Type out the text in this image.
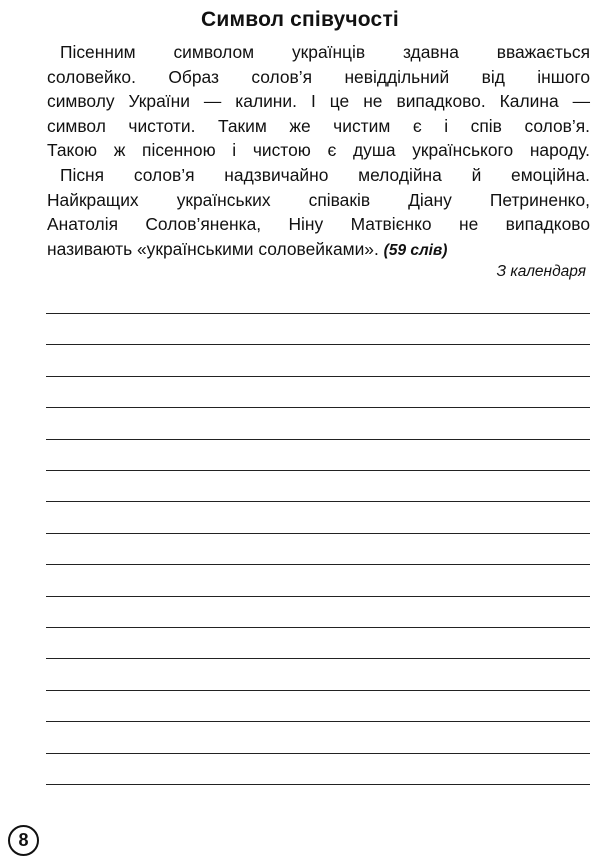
Символ співучості
Пісенним символом українців здавна вважається
соловейко. Образ солов’я невіддільний від іншого
символу України — калини. І це не випадково. Калина —
символ чистоти. Таким же чистим є і спів солов’я.
Такою ж пісенною і чистою є душа українського народу.
Пісня солов’я надзвичайно мелодійна й емоційна.
Найкращих українських співаків Діану Петриненко,
Анатолія Солов’яненка, Ніну Матвієнко не випадково
називають «українськими соловейками». (59 слів)
З календаря
8
